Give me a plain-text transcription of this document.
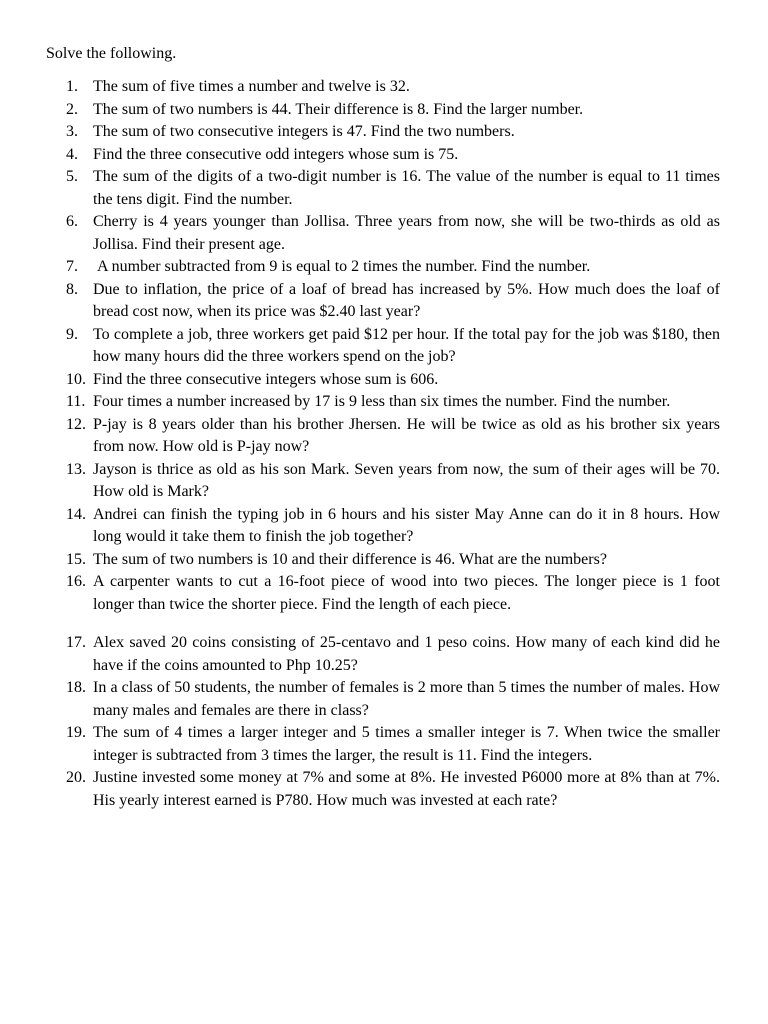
Solve the following.
1. The sum of five times a number and twelve is 32.
2. The sum of two numbers is 44. Their difference is 8. Find the larger number.
3. The sum of two consecutive integers is 47. Find the two numbers.
4. Find the three consecutive odd integers whose sum is 75.
5. The sum of the digits of a two-digit number is 16. The value of the number is equal to 11 times the tens digit. Find the number.
6. Cherry is 4 years younger than Jollisa. Three years from now, she will be two-thirds as old as Jollisa. Find their present age.
7.	A number subtracted from 9 is equal to 2 times the number. Find the number.
8. Due to inflation, the price of a loaf of bread has increased by 5%. How much does the loaf of bread cost now, when its price was $2.40 last year?
9. To complete a job, three workers get paid $12 per hour. If the total pay for the job was $180, then how many hours did the three workers spend on the job?
10. Find the three consecutive integers whose sum is 606.
11. Four times a number increased by 17 is 9 less than six times the number. Find the number.
12. P-jay is 8 years older than his brother Jhersen. He will be twice as old as his brother six years from now. How old is P-jay now?
13. Jayson is thrice as old as his son Mark. Seven years from now, the sum of their ages will be 70. How old is Mark?
14. Andrei can finish the typing job in 6 hours and his sister May Anne can do it in 8 hours. How long would it take them to finish the job together?
15. The sum of two numbers is 10 and their difference is 46. What are the numbers?
16. A carpenter wants to cut a 16-foot piece of wood into two pieces. The longer piece is 1 foot longer than twice the shorter piece. Find the length of each piece.
17. Alex saved 20 coins consisting of 25-centavo and 1 peso coins. How many of each kind did he have if the coins amounted to Php 10.25?
18. In a class of 50 students, the number of females is 2 more than 5 times the number of males. How many males and females are there in class?
19. The sum of 4 times a larger integer and 5 times a smaller integer is 7. When twice the smaller integer is subtracted from 3 times the larger, the result is 11. Find the integers.
20. Justine invested some money at 7% and some at 8%. He invested P6000 more at 8% than at 7%. His yearly interest earned is P780. How much was invested at each rate?
